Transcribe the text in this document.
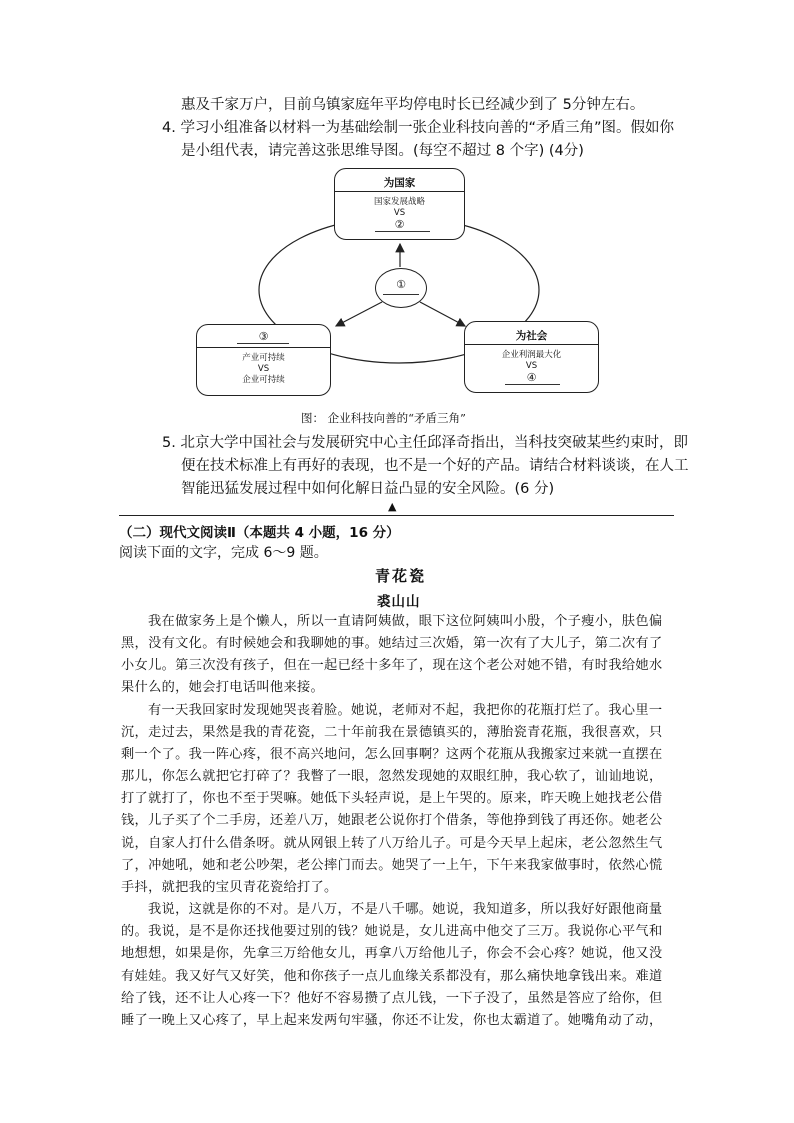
惠及千家万户，目前乌镇家庭年平均停电时长已经减少到了 5分钟左右。
4. 学习小组准备以材料一为基础绘制一张企业科技向善的“矛盾三角”图。假如你
是小组代表，请完善这张思维导图。(每空不超过 8 个字) (4分)
为国家
国家发展战略
VS
②
①
③
产业可持续
VS
企业可持续
为社会
企业利润最大化
VS
④
图： 企业科技向善的“矛盾三角”
5. 北京大学中国社会与发展研究中心主任邱泽奇指出，当科技突破某些约束时，即
便在技术标准上有再好的表现，也不是一个好的产品。请结合材料谈谈，在人工
智能迅猛发展过程中如何化解日益凸显的安全风险。(6 分)
▲
（二）现代文阅读Ⅱ（本题共 4 小题，16 分）
阅读下面的文字，完成 6～9 题。
青花瓷
裘山山
我在做家务上是个懒人，所以一直请阿姨做，眼下这位阿姨叫小殷，个子瘦小，肤色偏
黑，没有文化。有时候她会和我聊她的事。她结过三次婚，第一次有了大儿子，第二次有了
小女儿。第三次没有孩子，但在一起已经十多年了，现在这个老公对她不错，有时我给她水
果什么的，她会打电话叫他来接。
有一天我回家时发现她哭丧着脸。她说，老师对不起，我把你的花瓶打烂了。我心里一
沉，走过去，果然是我的青花瓷，二十年前我在景德镇买的，薄胎瓷青花瓶，我很喜欢，只
剩一个了。我一阵心疼，很不高兴地问，怎么回事啊？这两个花瓶从我搬家过来就一直摆在
那儿，你怎么就把它打碎了？我瞥了一眼，忽然发现她的双眼红肿，我心软了，讪讪地说，
打了就打了，你也不至于哭嘛。她低下头轻声说，是上午哭的。原来，昨天晚上她找老公借
钱，儿子买了个二手房，还差八万，她跟老公说你打个借条，等他挣到钱了再还你。她老公
说，自家人打什么借条呀。就从网银上转了八万给儿子。可是今天早上起床，老公忽然生气
了，冲她吼，她和老公吵架，老公摔门而去。她哭了一上午，下午来我家做事时，依然心慌
手抖，就把我的宝贝青花瓷给打了。
我说，这就是你的不对。是八万，不是八千哪。她说，我知道多，所以我好好跟他商量
的。我说，是不是你还找他要过别的钱？她说是，女儿进高中他交了三万。我说你心平气和
地想想，如果是你，先拿三万给他女儿，再拿八万给他儿子，你会不会心疼？她说，他又没
有娃娃。我又好气又好笑，他和你孩子一点儿血缘关系都没有，那么痛快地拿钱出来。难道
给了钱，还不让人心疼一下？他好不容易攒了点儿钱，一下子没了，虽然是答应了给你，但
睡了一晚上又心疼了，早上起来发两句牢骚，你还不让发，你也太霸道了。她嘴角动了动，
